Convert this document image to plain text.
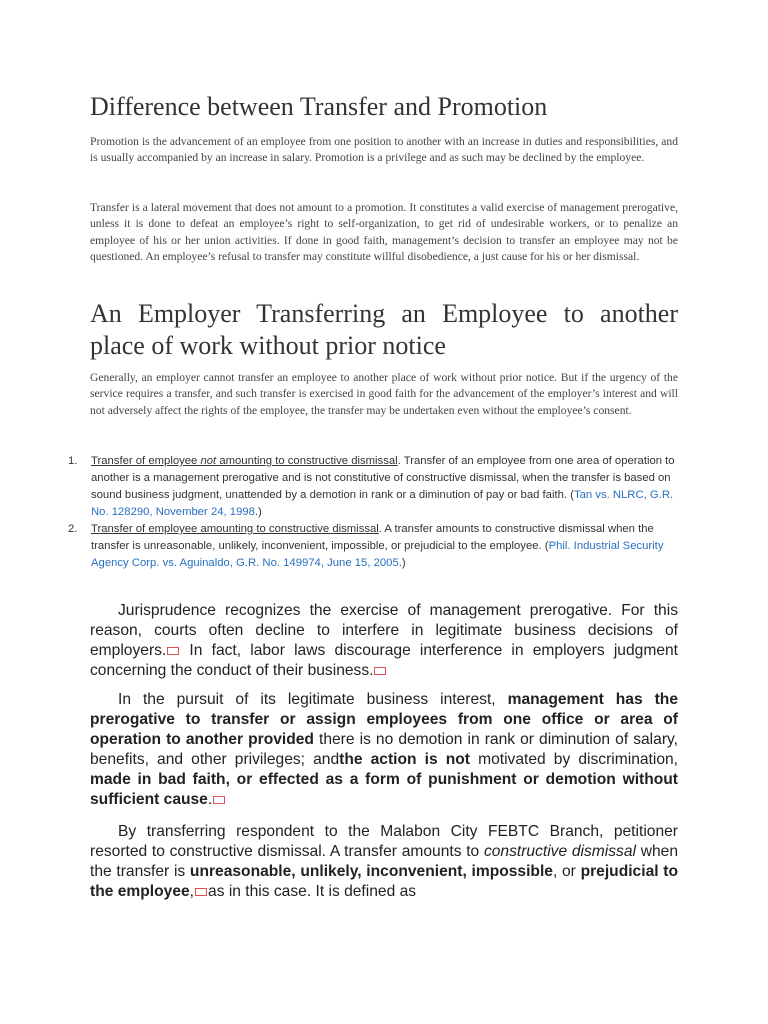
Difference between Transfer and Promotion

Promotion is the advancement of an employee from one position to another with an increase in duties and responsibilities, and is usually accompanied by an increase in salary. Promotion is a privilege and as such may be declined by the employee.

Transfer is a lateral movement that does not amount to a promotion. It constitutes a valid exercise of management prerogative, unless it is done to defeat an employee’s right to self-organization, to get rid of undesirable workers, or to penalize an employee of his or her union activities. If done in good faith, management’s decision to transfer an employee may not be questioned. An employee’s refusal to transfer may constitute willful disobedience, a just cause for his or her dismissal.

An Employer Transferring an Employee to another place of work without prior notice

Generally, an employer cannot transfer an employee to another place of work without prior notice. But if the urgency of the service requires a transfer, and such transfer is exercised in good faith for the advancement of the employer’s interest and will not adversely affect the rights of the employee, the transfer may be undertaken even without the employee’s consent.

1. Transfer of employee not amounting to constructive dismissal. Transfer of an employee from one area of operation to another is a management prerogative and is not constitutive of constructive dismissal, when the transfer is based on sound business judgment, unattended by a demotion in rank or a diminution of pay or bad faith. (Tan vs. NLRC, G.R. No. 128290, November 24, 1998.)
2. Transfer of employee amounting to constructive dismissal. A transfer amounts to constructive dismissal when the transfer is unreasonable, unlikely, inconvenient, impossible, or prejudicial to the employee. (Phil. Industrial Security Agency Corp. vs. Aguinaldo, G.R. No. 149974, June 15, 2005.)

Jurisprudence recognizes the exercise of management prerogative. For this reason, courts often decline to interfere in legitimate business decisions of employers. In fact, labor laws discourage interference in employers judgment concerning the conduct of their business.

In the pursuit of its legitimate business interest, management has the prerogative to transfer or assign employees from one office or area of operation to another provided there is no demotion in rank or diminution of salary, benefits, and other privileges; andthe action is not motivated by discrimination, made in bad faith, or effected as a form of punishment or demotion without sufficient cause.

By transferring respondent to the Malabon City FEBTC Branch, petitioner resorted to constructive dismissal. A transfer amounts to constructive dismissal when the transfer is unreasonable, unlikely, inconvenient, impossible, or prejudicial to the employee, as in this case. It is defined as
